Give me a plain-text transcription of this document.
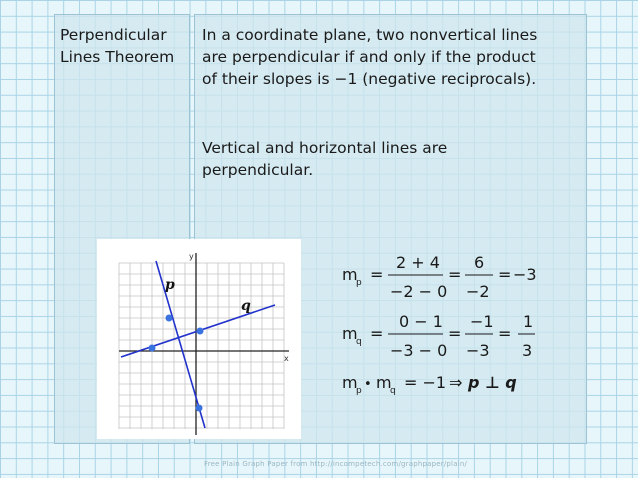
Perpendicular
Lines Theorem
In a coordinate plane, two nonvertical lines
are perpendicular if and only if the product
of their slopes is −1 (negative reciprocals).
Vertical and horizontal lines are
perpendicular.
y
x
p
q
m
p =
2 + 4
−2 − 0
=
6
−2
= −3
m
q =
0 − 1
−3 − 0
=
−1
−3
=
1
3
m
p • m
q = −1 ⇒ p ⊥ q
Free Plain Graph Paper from http://incompetech.com/graphpaper/plain/
